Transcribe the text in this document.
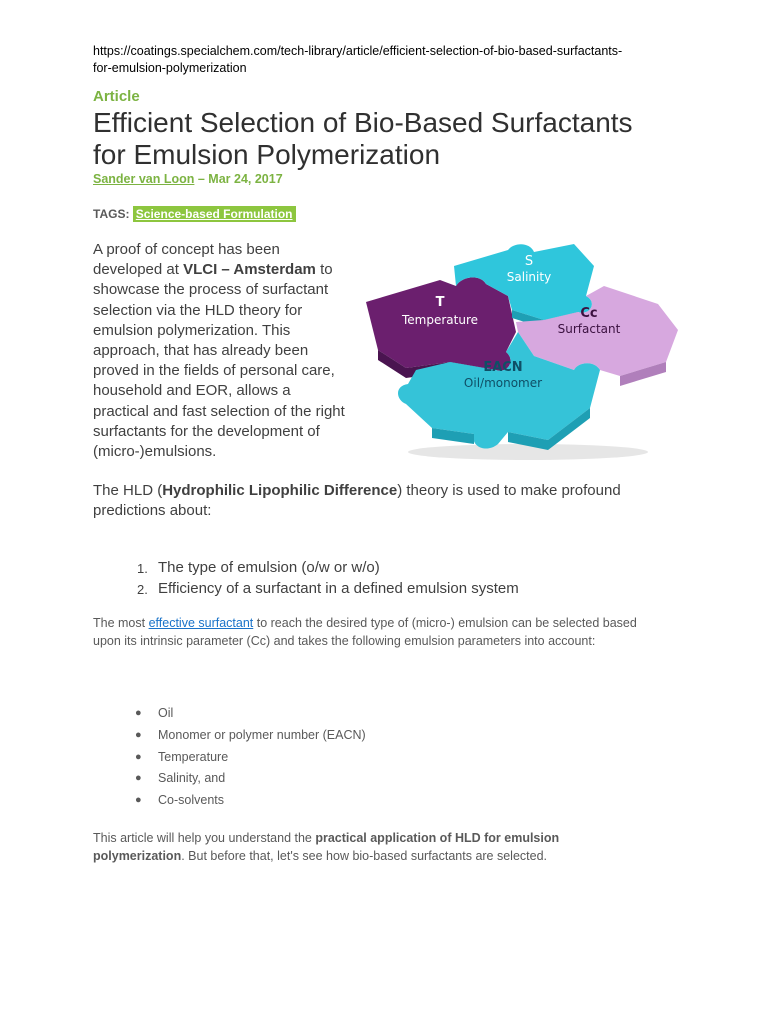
https://coatings.specialchem.com/tech-library/article/efficient-selection-of-bio-based-surfactants-
for-emulsion-polymerization
Article
Efficient Selection of Bio-Based Surfactants
for Emulsion Polymerization
Sander van Loon – Mar 24, 2017
TAGS: Science-based Formulation
A proof of concept has been developed at VLCI – Amsterdam to showcase the process of surfactant selection via the HLD theory for emulsion polymerization. This approach, that has already been proved in the fields of personal care, household and EOR, allows a practical and fast selection of the right surfactants for the development of (micro-)emulsions.
S
Salinity
T
Temperature	Cc
Surfactant
EACN
Oil/monomer
The HLD (Hydrophilic Lipophilic Difference) theory is used to make profound predictions about:
1. The type of emulsion (o/w or w/o)
2. Efficiency of a surfactant in a defined emulsion system
The most effective surfactant to reach the desired type of (micro-) emulsion can be selected based upon its intrinsic parameter (Cc) and takes the following emulsion parameters into account:
● Oil
● Monomer or polymer number (EACN)
● Temperature
● Salinity, and
● Co-solvents
This article will help you understand the practical application of HLD for emulsion polymerization. But before that, let's see how bio-based surfactants are selected.
